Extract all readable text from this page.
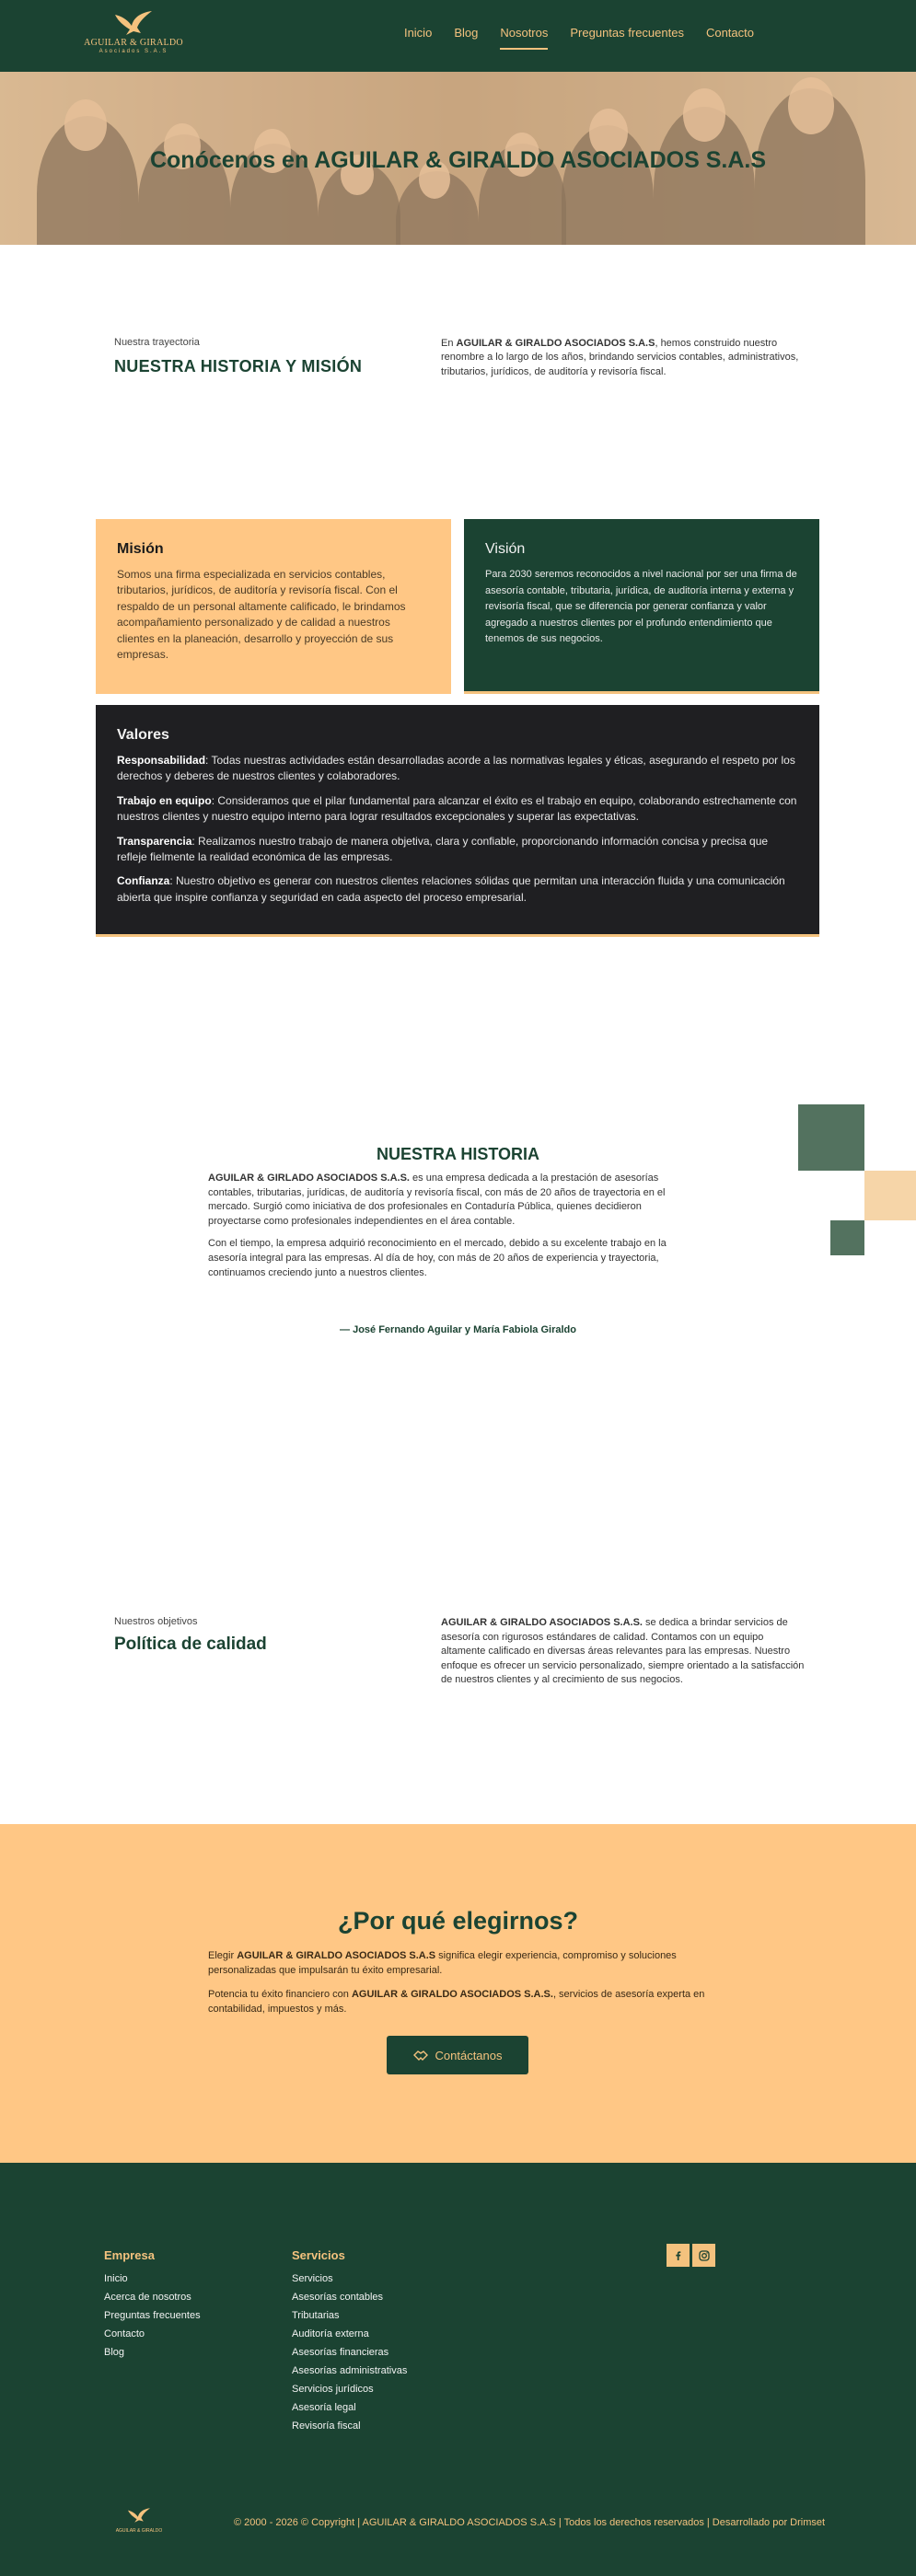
AGUILAR & GIRALDO
Asociados S.A.S
Inicio Blog Nosotros Preguntas frecuentes Contacto
Conócenos en AGUILAR & GIRALDO ASOCIADOS S.A.S
Nuestra trayectoria
NUESTRA HISTORIA Y MISIÓN

En AGUILAR & GIRALDO ASOCIADOS S.A.S, hemos construido nuestro renombre a lo largo de los años, brindando servicios contables, administrativos, tributarios, jurídicos, de auditoría y revisoría fiscal.

Misión

Somos una firma especializada en servicios contables, tributarios, jurídicos, de auditoría y revisoría fiscal. Con el respaldo de un personal altamente calificado, le brindamos acompañamiento personalizado y de calidad a nuestros clientes en la planeación, desarrollo y proyección de sus empresas.

Visión

Para 2030 seremos reconocidos a nivel nacional por ser una firma de asesoría contable, tributaria, jurídica, de auditoría interna y externa y revisoría fiscal, que se diferencia por generar confianza y valor agregado a nuestros clientes por el profundo entendimiento que tenemos de sus negocios.

Valores

Responsabilidad: Todas nuestras actividades están desarrolladas acorde a las normativas legales y éticas, asegurando el respeto por los derechos y deberes de nuestros clientes y colaboradores.

Trabajo en equipo: Consideramos que el pilar fundamental para alcanzar el éxito es el trabajo en equipo, colaborando estrechamente con nuestros clientes y nuestro equipo interno para lograr resultados excepcionales y superar las expectativas.

Transparencia: Realizamos nuestro trabajo de manera objetiva, clara y confiable, proporcionando información concisa y precisa que refleje fielmente la realidad económica de las empresas.

Confianza: Nuestro objetivo es generar con nuestros clientes relaciones sólidas que permitan una interacción fluida y una comunicación abierta que inspire confianza y seguridad en cada aspecto del proceso empresarial.

NUESTRA HISTORIA

AGUILAR & GIRLADO ASOCIADOS S.A.S. es una empresa dedicada a la prestación de asesorías contables, tributarias, jurídicas, de auditoría y revisoría fiscal, con más de 20 años de trayectoria en el mercado. Surgió como iniciativa de dos profesionales en Contaduría Pública, quienes decidieron proyectarse como profesionales independientes en el área contable.

Con el tiempo, la empresa adquirió reconocimiento en el mercado, debido a su excelente trabajo en la asesoría integral para las empresas. Al día de hoy, con más de 20 años de experiencia y trayectoria, continuamos creciendo junto a nuestros clientes.

— José Fernando Aguilar y María Fabiola Giraldo
Nuestros objetivos
Política de calidad

AGUILAR & GIRALDO ASOCIADOS S.A.S. se dedica a brindar servicios de asesoría con rigurosos estándares de calidad. Contamos con un equipo altamente calificado en diversas áreas relevantes para las empresas. Nuestro enfoque es ofrecer un servicio personalizado, siempre orientado a la satisfacción de nuestros clientes y al crecimiento de sus negocios.

¿Por qué elegirnos?

Elegir AGUILAR & GIRALDO ASOCIADOS S.A.S significa elegir experiencia, compromiso y soluciones personalizadas que impulsarán tu éxito empresarial.

Potencia tu éxito financiero con AGUILAR & GIRALDO ASOCIADOS S.A.S., servicios de asesoría experta en contabilidad, impuestos y más.

Contáctanos
Empresa
Inicio
Acerca de nosotros
Preguntas frecuentes
Contacto
Blog
Servicios
Servicios
Asesorías contables
Tributarias
Auditoría externa
Asesorías financieras
Asesorías administrativas
Servicios jurídicos
Asesoría legal
Revisoría fiscal
AGUILAR & GIRALDO
© 2000 - 2026 © Copyright | AGUILAR & GIRALDO ASOCIADOS S.A.S | Todos los derechos reservados | Desarrollado por Drimset
